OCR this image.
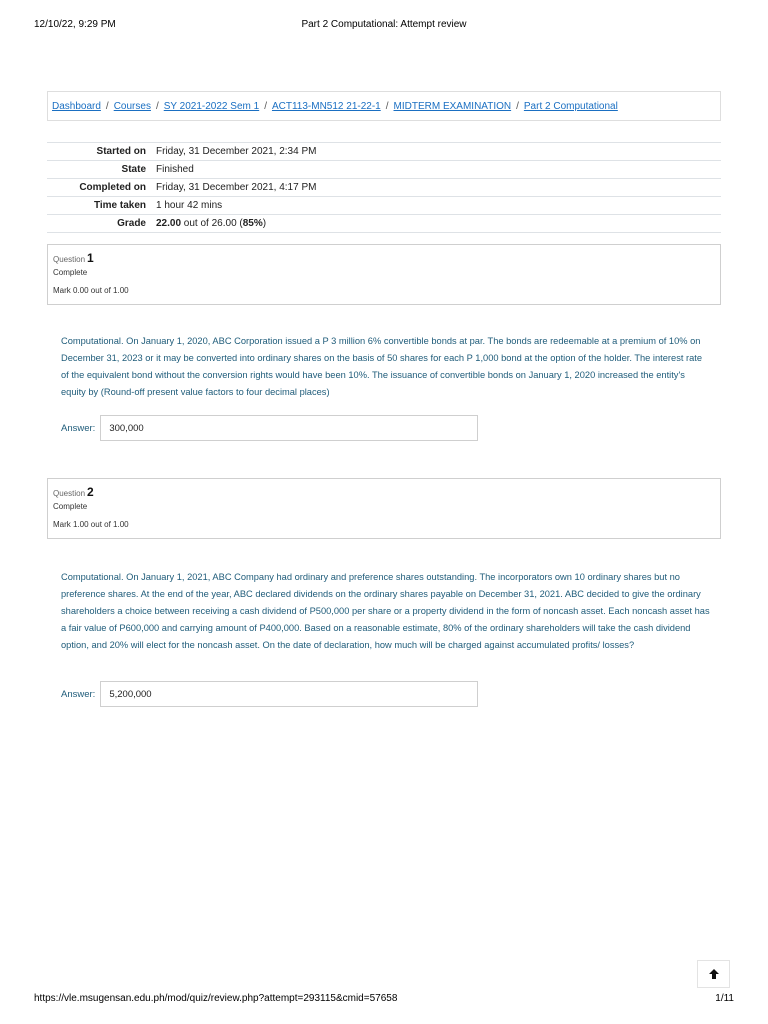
12/10/22, 9:29 PM	Part 2 Computational: Attempt review
Dashboard / Courses / SY 2021-2022 Sem 1 / ACT113-MN512 21-22-1 / MIDTERM EXAMINATION / Part 2 Computational
Started on	Friday, 31 December 2021, 2:34 PM
State	Finished
Completed on	Friday, 31 December 2021, 4:17 PM
Time taken	1 hour 42 mins
Grade	22.00 out of 26.00 (85%)
Question 1
Complete
Mark 0.00 out of 1.00
Computational. On January 1, 2020, ABC Corporation issued a P 3 million 6% convertible bonds at par. The bonds are redeemable at a premium of 10% on December 31, 2023 or it may be converted into ordinary shares on the basis of 50 shares for each P 1,000 bond at the option of the holder. The interest rate of the equivalent bond without the conversion rights would have been 10%. The issuance of convertible bonds on January 1, 2020 increased the entity's equity by (Round-off present value factors to four decimal places)
Answer:	300,000
Question 2
Complete
Mark 1.00 out of 1.00
Computational. On January 1, 2021, ABC Company had ordinary and preference shares outstanding. The incorporators own 10 ordinary shares but no preference shares. At the end of the year, ABC declared dividends on the ordinary shares payable on December 31, 2021. ABC decided to give the ordinary shareholders a choice between receiving a cash dividend of P500,000 per share or a property dividend in the form of noncash asset. Each noncash asset has a fair value of P600,000 and carrying amount of P400,000. Based on a reasonable estimate, 80% of the ordinary shareholders will take the cash dividend option, and 20% will elect for the noncash asset. On the date of declaration, how much will be charged against accumulated profits/ losses?
Answer:	5,200,000
https://vle.msugensan.edu.ph/mod/quiz/review.php?attempt=293115&cmid=57658	1/11
